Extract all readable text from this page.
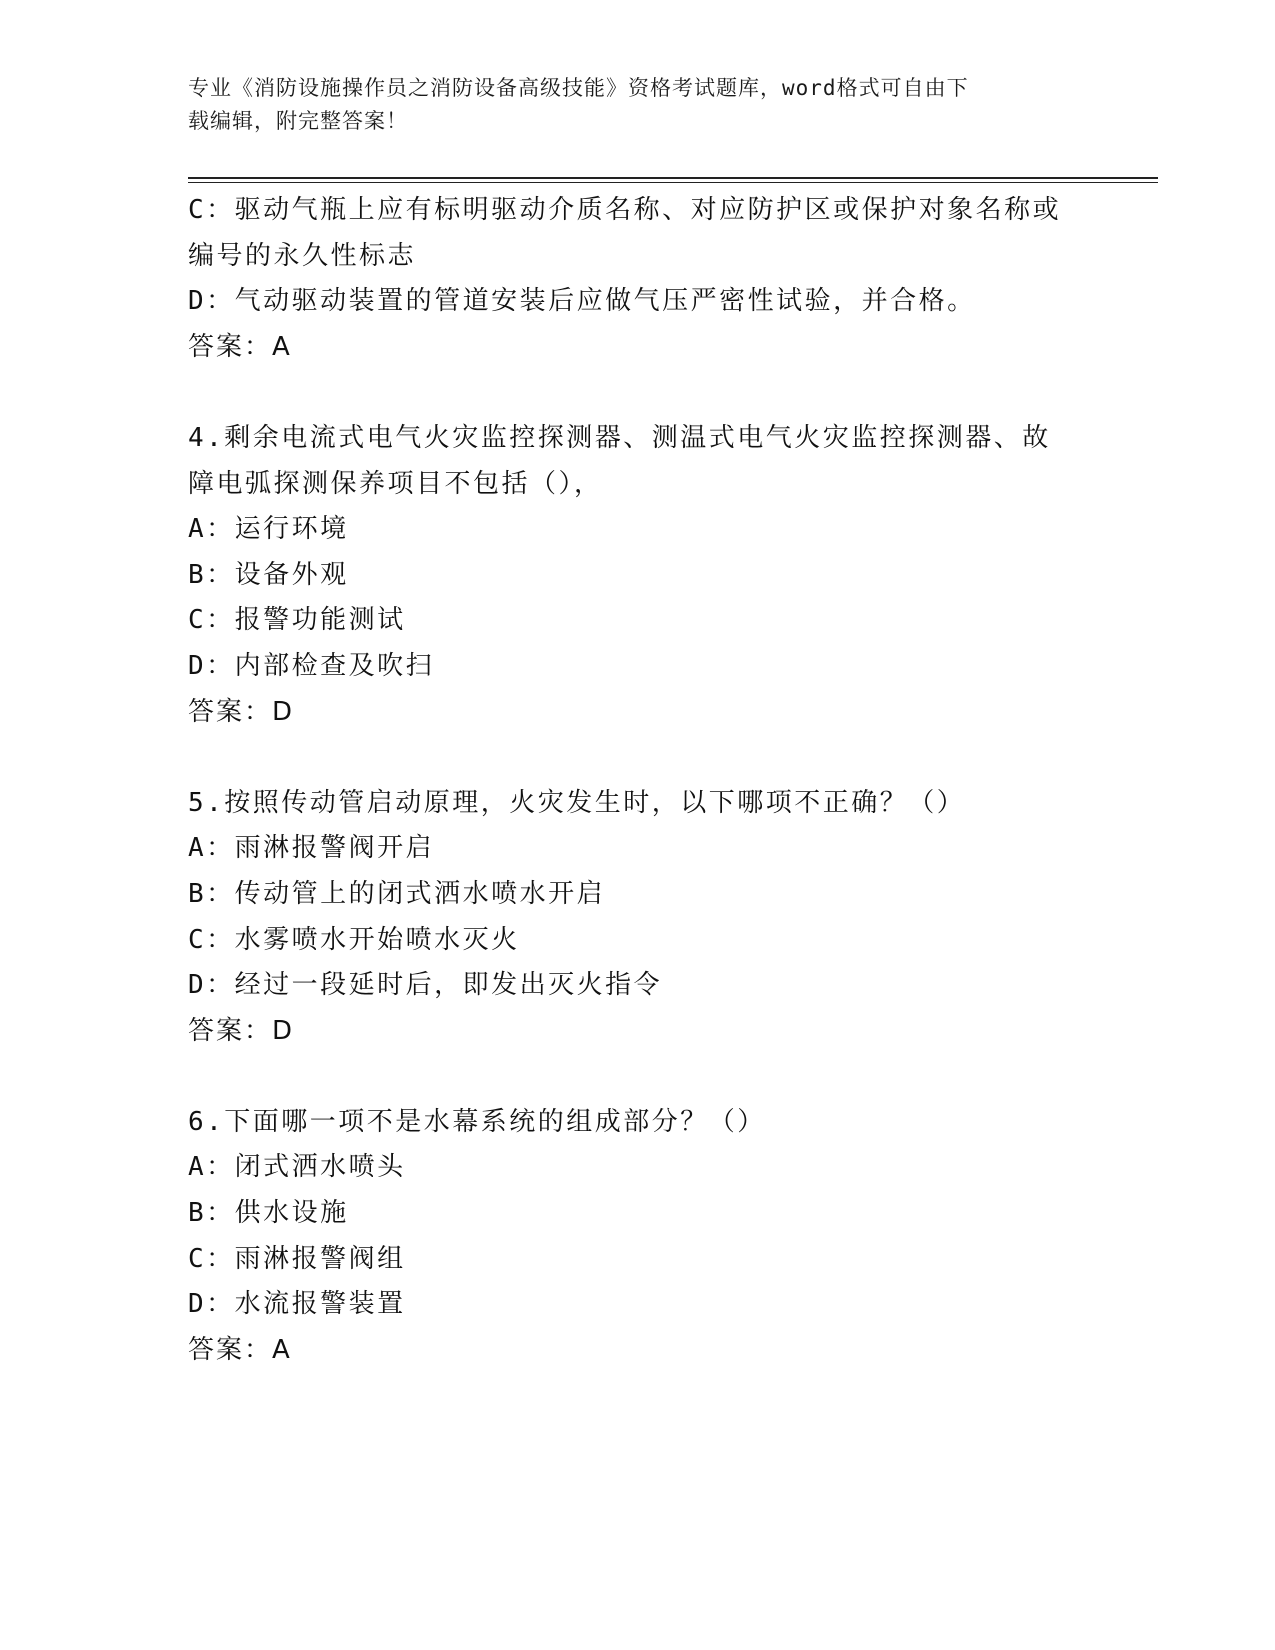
专业《消防设施操作员之消防设备高级技能》资格考试题库，word格式可自由下
载编辑，附完整答案！

C：驱动气瓶上应有标明驱动介质名称、对应防护区或保护对象名称或

编号的永久性标志

D：气动驱动装置的管道安装后应做气压严密性试验，并合格。

答案：A

4.剩余电流式电气火灾监控探测器、测温式电气火灾监控探测器、故

障电弧探测保养项目不包括（），

A：运行环境

B：设备外观

C：报警功能测试

D：内部检查及吹扫

答案：D

5.按照传动管启动原理，火灾发生时，以下哪项不正确？（）

A：雨淋报警阀开启

B：传动管上的闭式洒水喷水开启

C：水雾喷水开始喷水灭火

D：经过一段延时后，即发出灭火指令

答案：D

6.下面哪一项不是水幕系统的组成部分？（）

A：闭式洒水喷头

B：供水设施

C：雨淋报警阀组

D：水流报警装置

答案：A
